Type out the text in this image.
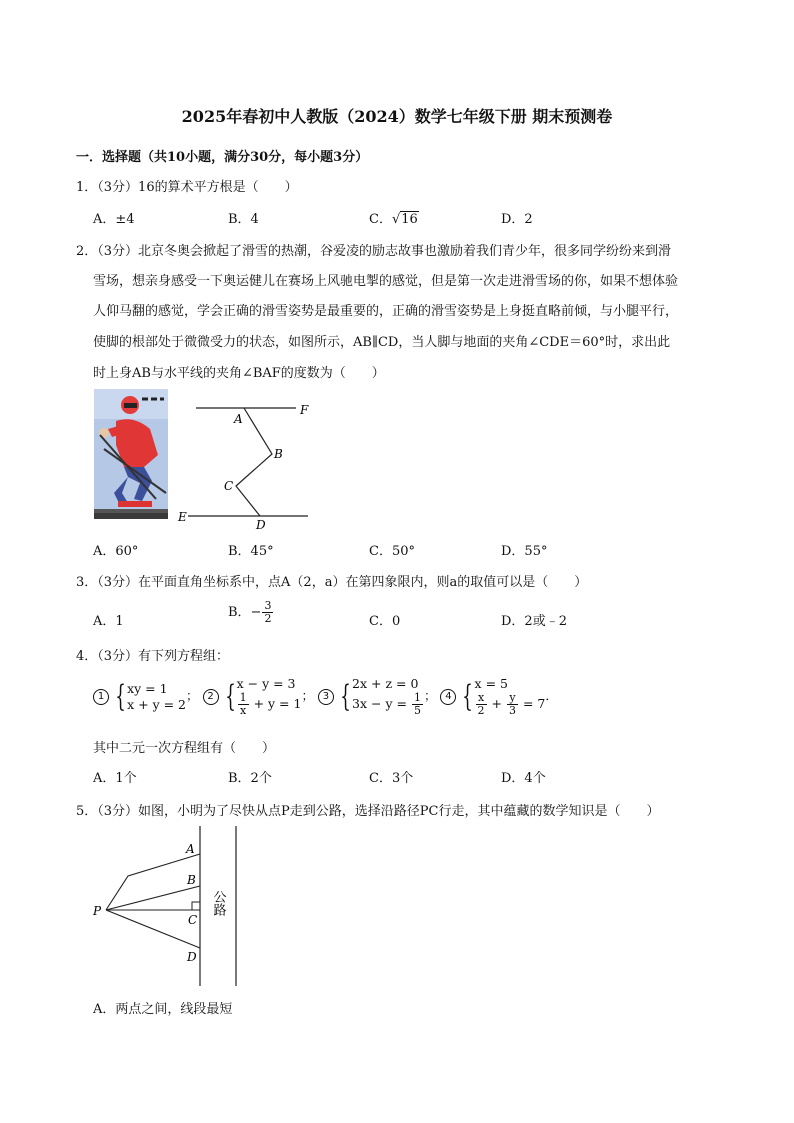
2025年春初中人教版（2024）数学七年级下册 期末预测卷
一．选择题（共10小题，满分30分，每小题3分）
1．（3分）16的算术平方根是（　　）
A．±4	B．4	C．√16	D．2
2．（3分）北京冬奥会掀起了滑雪的热潮，谷爱凌的励志故事也激励着我们青少年，很多同学纷纷来到滑
雪场，想亲身感受一下奥运健儿在赛场上风驰电掣的感觉，但是第一次走进滑雪场的你，如果不想体验
人仰马翻的感觉，学会正确的滑雪姿势是最重要的，正确的滑雪姿势是上身挺直略前倾，与小腿平行，
使脚的根部处于微微受力的状态，如图所示，AB∥CD，当人脚与地面的夹角∠CDE＝60°时，求出此
时上身AB与水平线的夹角∠BAF的度数为（　　）
A
F
B
C
E
D
A．60°	B．45°	C．50°	D．55°
3．（3分）在平面直角坐标系中，点A（2，a）在第四象限内，则a的取值可以是（　　）
A．1
B．− $\frac{3}{2}$	C．0	D．2或﹣2
4．（3分）有下列方程组：
1 { xy = 1
x + y = 2
； 2 { x − y = 3
$\frac{1}{x} + y = 1$
； 3 { 2x + z = 0
$3x - y = \frac{1}{5}$ ； 4 { x = 5
$\frac{x}{2} + \frac{y}{3} = 7$
．
其中二元一次方程组有（　　）
A．1个	B．2个	C．3个	D．4个
5．（3分）如图，小明为了尽快从点P走到公路，选择沿路径PC行走，其中蕴藏的数学知识是（　　）
A
B
C
D
P	公路
A．两点之间，线段最短
